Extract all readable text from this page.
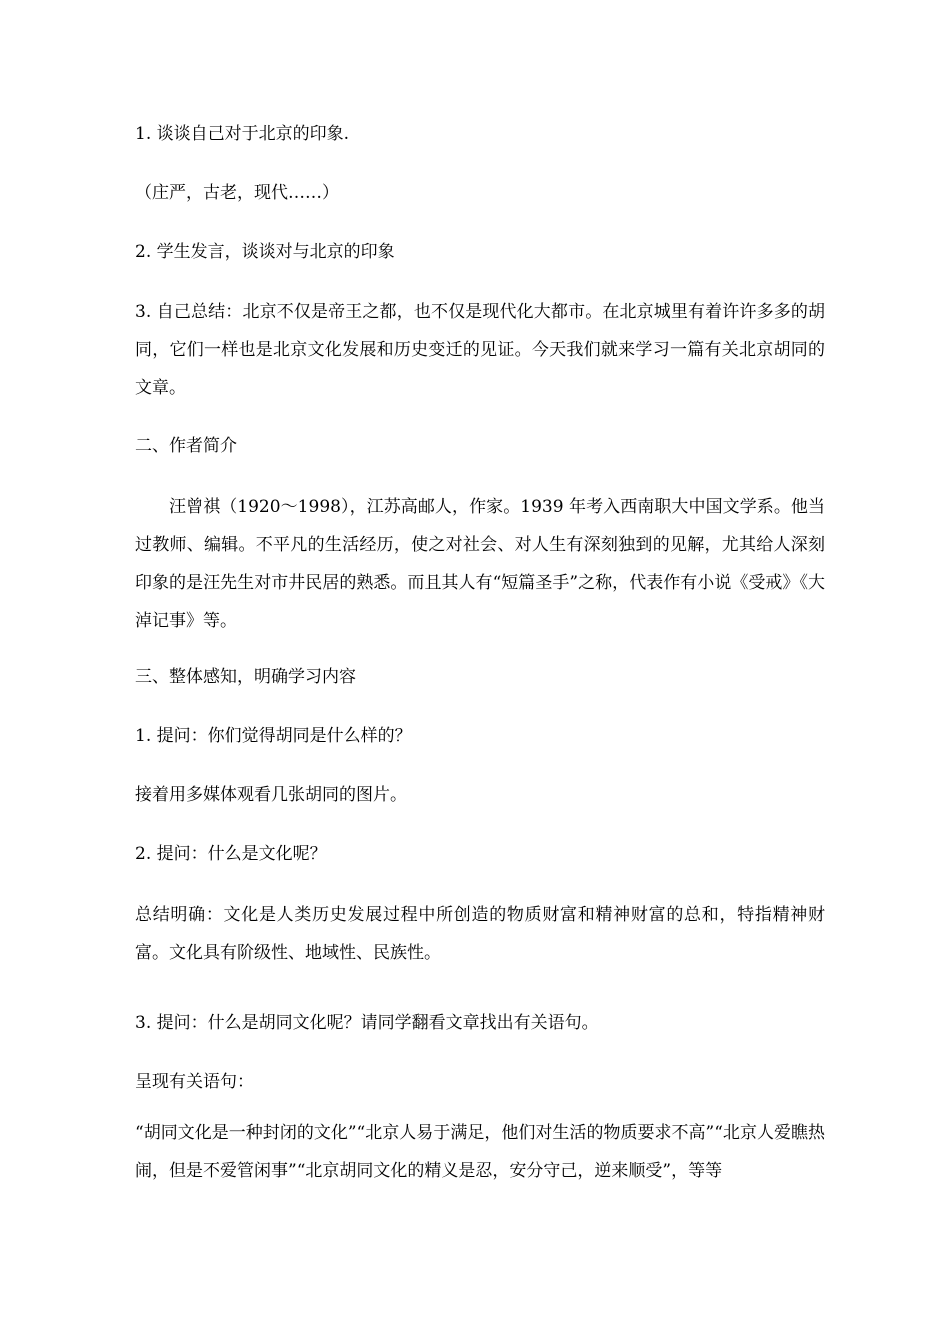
1. 谈谈自己对于北京的印象.
（庄严，古老，现代……）
2. 学生发言，谈谈对与北京的印象
3. 自己总结：北京不仅是帝王之都，也不仅是现代化大都市。在北京城里有着许许多多的胡同，它们一样也是北京文化发展和历史变迁的见证。今天我们就来学习一篇有关北京胡同的文章。
二、作者简介
汪曾祺（1920～1998），江苏高邮人，作家。1939 年考入西南职大中国文学系。他当过教师、编辑。不平凡的生活经历，使之对社会、对人生有深刻独到的见解，尤其给人深刻印象的是汪先生对市井民居的熟悉。而且其人有“短篇圣手”之称，代表作有小说《受戒》《大淖记事》等。
三、整体感知，明确学习内容
1. 提问：你们觉得胡同是什么样的？
接着用多媒体观看几张胡同的图片。
2. 提问：什么是文化呢？
总结明确：文化是人类历史发展过程中所创造的物质财富和精神财富的总和，特指精神财富。文化具有阶级性、地域性、民族性。
3. 提问：什么是胡同文化呢？请同学翻看文章找出有关语句。
呈现有关语句：
“胡同文化是一种封闭的文化”“北京人易于满足，他们对生活的物质要求不高”“北京人爱瞧热闹，但是不爱管闲事”“北京胡同文化的精义是忍，安分守己，逆来顺受”，等等
